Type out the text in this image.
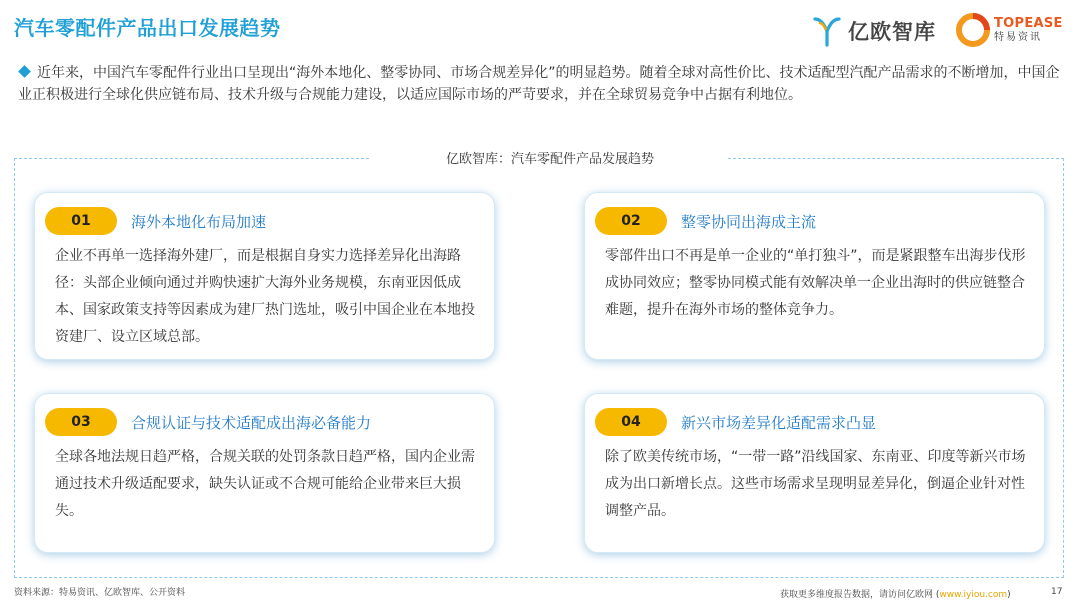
汽车零配件产品出口发展趋势	亿欧智库	TOPEASE
特易资讯
近年来，中国汽车零配件行业出口呈现出“海外本地化、整零协同、市场合规差异化”的明显趋势。随着全球对高性价比、技术适配型汽配产品需求的不断增加，中国企业正积极进行全球化供应链布局、技术升级与合规能力建设，以适应国际市场的严苛要求，并在全球贸易竞争中占据有利地位。
亿欧智库：汽车零配件产品发展趋势
01	海外本地化布局加速
企业不再单一选择海外建厂，而是根据自身实力选择差异化出海路径：头部企业倾向通过并购快速扩大海外业务规模，东南亚因低成本、国家政策支持等因素成为建厂热门选址，吸引中国企业在本地投资建厂、设立区域总部。
02	整零协同出海成主流
零部件出口不再是单一企业的“单打独斗”，而是紧跟整车出海步伐形成协同效应；整零协同模式能有效解决单一企业出海时的供应链整合难题，提升在海外市场的整体竞争力。
03	合规认证与技术适配成出海必备能力
全球各地法规日趋严格，合规关联的处罚条款日趋严格，国内企业需通过技术升级适配要求，缺失认证或不合规可能给企业带来巨大损失。
04	新兴市场差异化适配需求凸显
除了欧美传统市场，“一带一路”沿线国家、东南亚、印度等新兴市场成为出口新增长点。这些市场需求呈现明显差异化，倒逼企业针对性调整产品。
资料来源：特易资讯、亿欧智库、公开资料	获取更多维度报告数据，请访问亿欧网 (www.iyiou.com)	17
